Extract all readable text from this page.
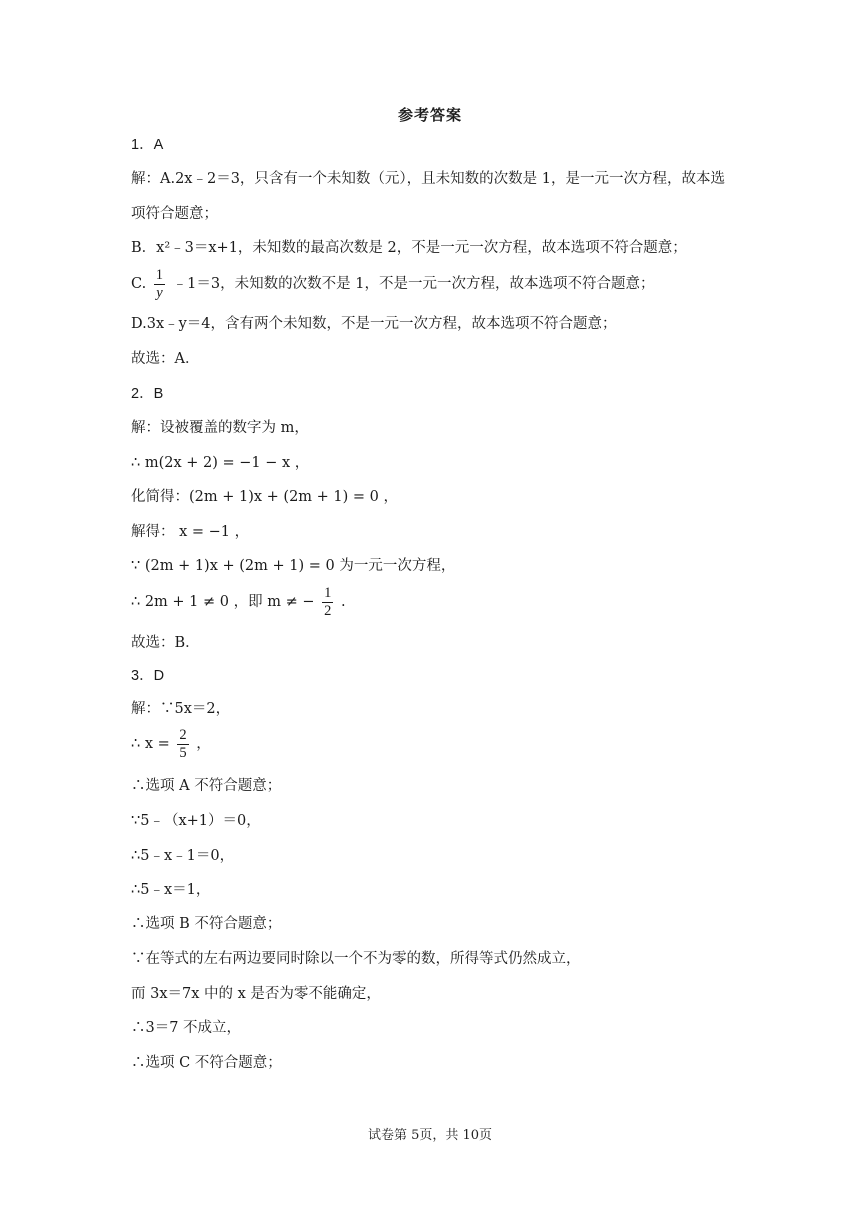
参考答案
1．A
解：A.2x﹣2＝3，只含有一个未知数（元），且未知数的次数是 1，是一元一次方程，故本选
项符合题意；
B．x²﹣3＝x+1，未知数的最高次数是 2，不是一元一次方程，故本选项不符合题意；
C. $\frac{1}{y}$ ﹣1＝3，未知数的次数不是 1，不是一元一次方程，故本选项不符合题意；
D.3x﹣y＝4，含有两个未知数，不是一元一次方程，故本选项不符合题意；
故选：A．
2．B
解：设被覆盖的数字为 m，
∴ m(2x + 2) = −1 − x ，
化简得：(2m + 1)x + (2m + 1) = 0 ，
解得： x = −1 ，
∵ (2m + 1)x + (2m + 1) = 0 为一元一次方程，
∴ 2m + 1 ≠ 0 ，即 m ≠ − $\frac{1}{2}$ .
故选：B．
3．D
解：∵5x＝2，
∴ $x = \frac{2}{5}$ ，
∴选项 A 不符合题意；
∵5﹣（x+1）＝0，
∴5﹣x﹣1＝0，
∴5﹣x＝1，
∴选项 B 不符合题意；
∵在等式的左右两边要同时除以一个不为零的数，所得等式仍然成立，
而 3x＝7x 中的 x 是否为零不能确定，
∴3＝7 不成立，
∴选项 C 不符合题意；
试卷第 5页，共 10页
